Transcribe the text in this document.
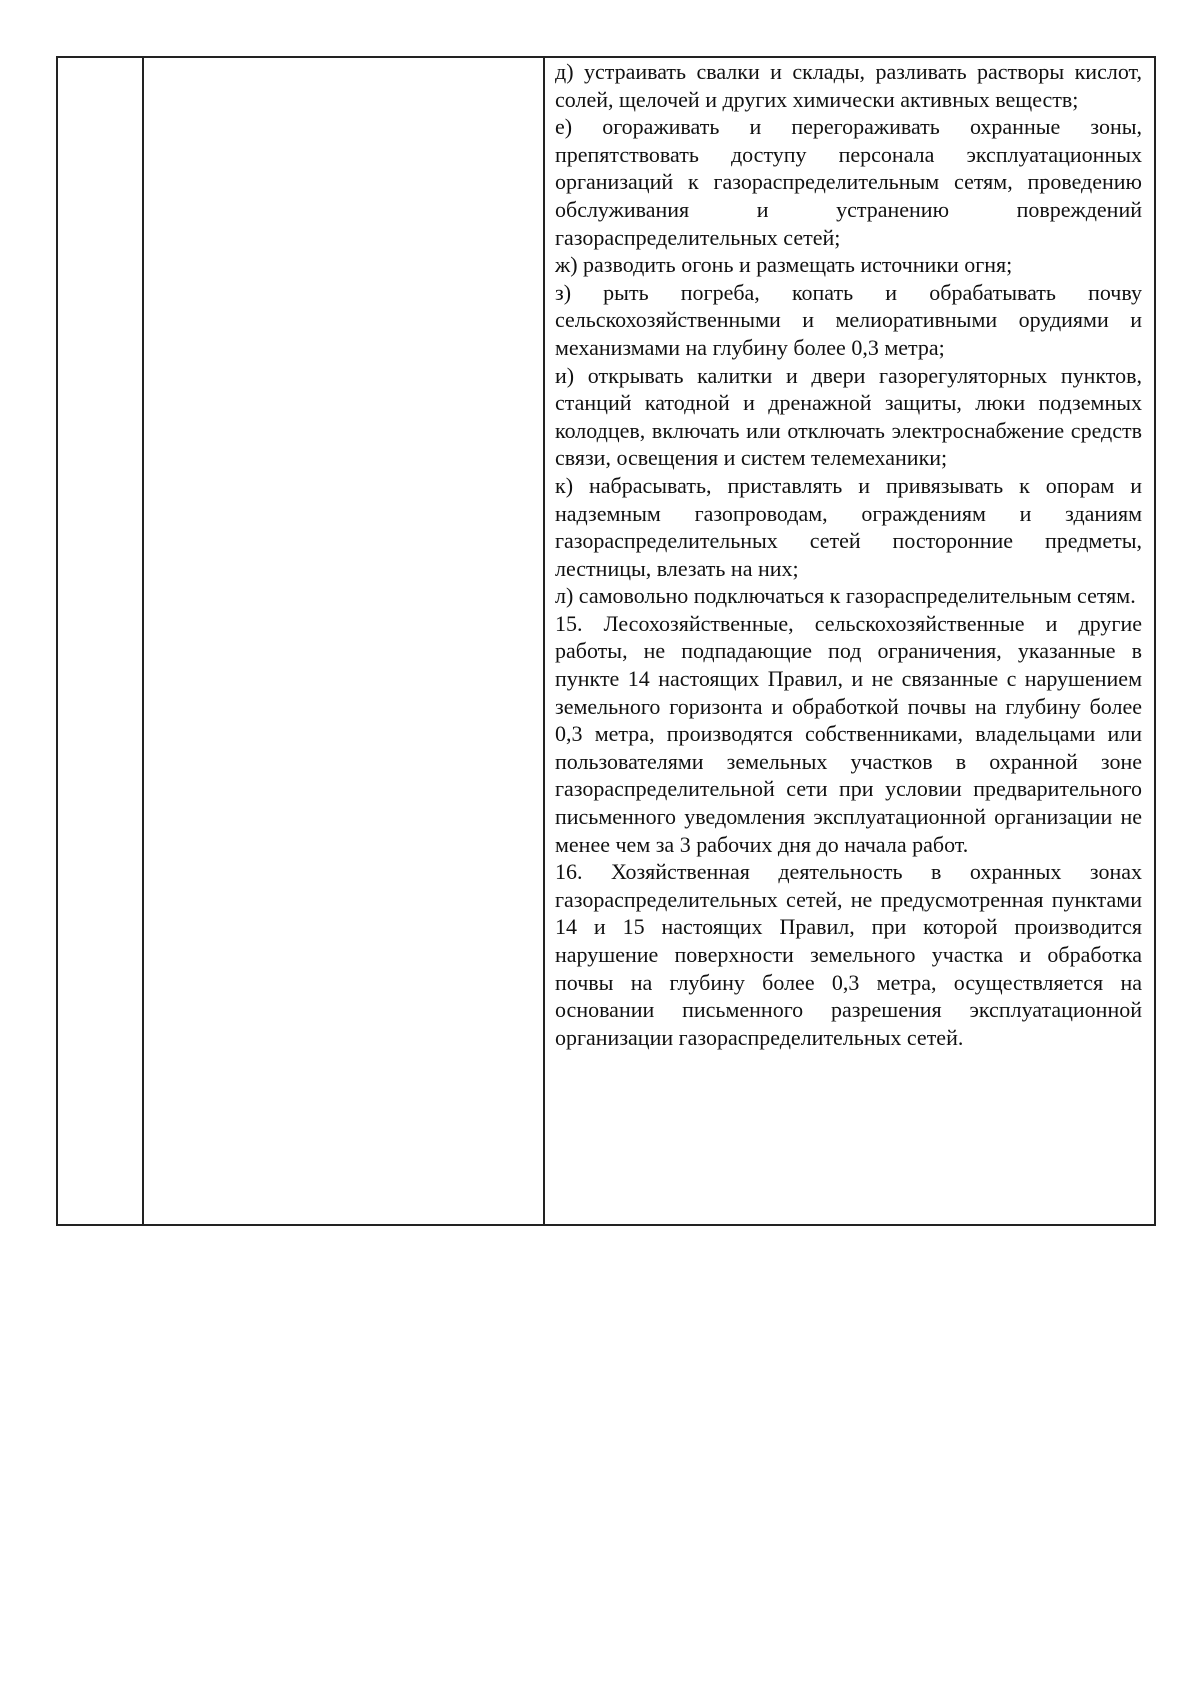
д) устраивать свалки и склады, разливать растворы кислот, солей, щелочей и других химически активных веществ;

е) огораживать и перегораживать охранные зоны, препятствовать доступу персонала эксплуатационных организаций к газораспределительным сетям, проведению обслуживания и устранению повреждений газораспределительных сетей;

ж) разводить огонь и размещать источники огня;

з) рыть погреба, копать и обрабатывать почву сельскохозяйственными и мелиоративными орудиями и механизмами на глубину более 0,3 метра;

и) открывать калитки и двери газорегуляторных пунктов, станций катодной и дренажной защиты, люки подземных колодцев, включать или отключать электроснабжение средств связи, освещения и систем телемеханики;

к) набрасывать, приставлять и привязывать к опорам и надземным газопроводам, ограждениям и зданиям газораспределительных сетей посторонние предметы, лестницы, влезать на них;

л) самовольно подключаться к газораспределительным сетям.

15. Лесохозяйственные, сельскохозяйственные и другие работы, не подпадающие под ограничения, указанные в пункте 14 настоящих Правил, и не связанные с нарушением земельного горизонта и обработкой почвы на глубину более 0,3 метра, производятся собственниками, владельцами или пользователями земельных участков в охранной зоне газораспределительной сети при условии предварительного письменного уведомления эксплуатационной организации не менее чем за 3 рабочих дня до начала работ.

16. Хозяйственная деятельность в охранных зонах газораспределительных сетей, не предусмотренная пунктами 14 и 15 настоящих Правил, при которой производится нарушение поверхности земельного участка и обработка почвы на глубину более 0,3 метра, осуществляется на основании письменного разрешения эксплуатационной организации газораспределительных сетей.
